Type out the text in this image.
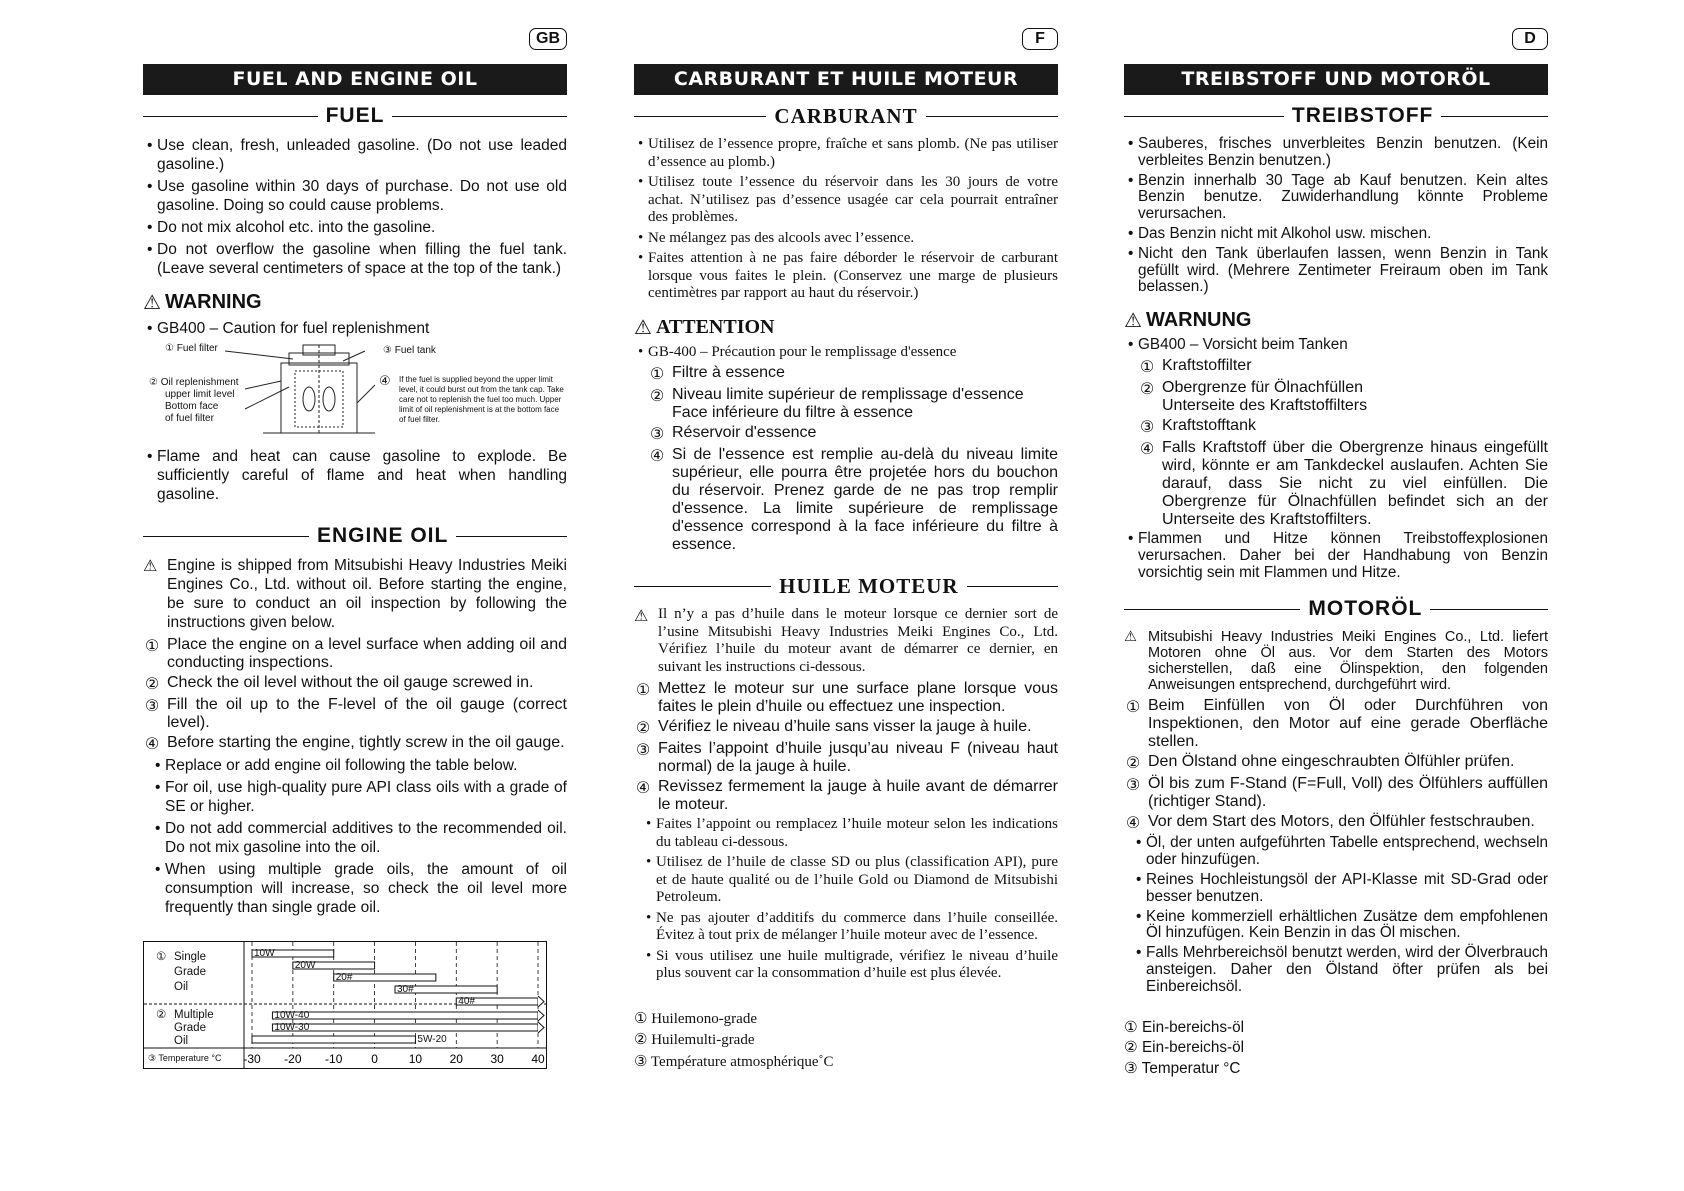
GB
FUEL AND ENGINE OIL
FUEL
• Use clean, fresh, unleaded gasoline. (Do not use leaded gasoline.)
• Use gasoline within 30 days of purchase. Do not use old gasoline. Doing so could cause problems.
• Do not mix alcohol etc. into the gasoline.
• Do not overflow the gasoline when filling the fuel tank. (Leave several centimeters of space at the top of the tank.)
⚠ WARNING
• GB400 – Caution for fuel replenishment
① Fuel filter	③ Fuel tank
② Oil replenishment
upper limit level
Bottom face
of fuel filter
④ If the fuel is supplied beyond the upper limit level, it could burst out from the tank cap. Take care not to replenish the fuel too much. Upper limit of oil replenishment is at the bottom face of fuel filter.
• Flame and heat can cause gasoline to explode. Be sufficiently careful of flame and heat when handling gasoline.
ENGINE OIL
⚠ Engine is shipped from Mitsubishi Heavy Industries Meiki Engines Co., Ltd. without oil. Before starting the engine, be sure to conduct an oil inspection by following the instructions given below.

① Place the engine on a level surface when adding oil and conducting inspections.
② Check the oil level without the oil gauge screwed in.
③ Fill the oil up to the F-level of the oil gauge (correct level).
④ Before starting the engine, tightly screw in the oil gauge.
• Replace or add engine oil following the table below.
• For oil, use high-quality pure API class oils with a grade of SE or higher.
• Do not add commercial additives to the recommended oil. Do not mix gasoline into the oil.
• When using multiple grade oils, the amount of oil consumption will increase, so check the oil level more frequently than single grade oil.
-30 -20 -10 0	10 20 30 40
10W
20W
20#
30#
40#
10W-40
10W-30
5W-20
① Single
Grade
Oil
② Multiple
Grade
Oil
③ Temperature °C
F
CARBURANT ET HUILE MOTEUR
CARBURANT
• Utilisez de l’essence propre, fraîche et sans plomb. (Ne pas utiliser d’essence au plomb.)
• Utilisez toute l’essence du réservoir dans les 30 jours de votre achat. N’utilisez pas d’essence usagée car cela pourrait entraîner des problèmes.
• Ne mélangez pas des alcools avec l’essence.
• Faites attention à ne pas faire déborder le réservoir de carburant lorsque vous faites le plein. (Conservez une marge de plusieurs centimètres par rapport au haut du réservoir.)
⚠ ATTENTION
• GB-400 – Précaution pour le remplissage d'essence
① Filtre à essence
② Niveau limite supérieur de remplissage d'essence
Face inférieure du filtre à essence
③ Réservoir d'essence
④ Si de l'essence est remplie au-delà du niveau limite supérieur, elle pourra être projetée hors du bouchon du réservoir. Prenez garde de ne pas trop remplir d'essence. La limite supérieure de remplissage d'essence correspond à la face inférieure du filtre à essence.
HUILE MOTEUR
⚠ Il n’y a pas d’huile dans le moteur lorsque ce dernier sort de l’usine Mitsubishi Heavy Industries Meiki Engines Co., Ltd. Vérifiez l’huile du moteur avant de démarrer ce dernier, en suivant les instructions ci-dessous.

① Mettez le moteur sur une surface plane lorsque vous faites le plein d’huile ou effectuez une inspection.
② Vérifiez le niveau d’huile sans visser la jauge à huile.
③ Faites l’appoint d’huile jusqu’au niveau F (niveau haut normal) de la jauge à huile.
④ Revissez fermement la jauge à huile avant de démarrer le moteur.
• Faites l’appoint ou remplacez l’huile moteur selon les indications du tableau ci-dessous.
• Utilisez de l’huile de classe SD ou plus (classification API), pure et de haute qualité ou de l’huile Gold ou Diamond de Mitsubishi Petroleum.
• Ne pas ajouter d’additifs du commerce dans l’huile conseillée. Évitez à tout prix de mélanger l’huile moteur avec de l’essence.
• Si vous utilisez une huile multigrade, vérifiez le niveau d’huile plus souvent car la consommation d’huile est plus élevée.

① Huilemono-grade

② Huilemulti-grade

③ Température atmosphérique˚C

D
TREIBSTOFF UND MOTORÖL
TREIBSTOFF
• Sauberes, frisches unverbleites Benzin benutzen. (Kein verbleites Benzin benutzen.)
• Benzin innerhalb 30 Tage ab Kauf benutzen. Kein altes Benzin benutze. Zuwiderhandlung könnte Probleme verursachen.
• Das Benzin nicht mit Alkohol usw. mischen.
• Nicht den Tank überlaufen lassen, wenn Benzin in Tank gefüllt wird. (Mehrere Zentimeter Freiraum oben im Tank belassen.)
⚠ WARNUNG
• GB400 – Vorsicht beim Tanken
① Kraftstoffilter
② Obergrenze für Ölnachfüllen
Unterseite des Kraftstoffilters
③ Kraftstofftank
④ Falls Kraftstoff über die Obergrenze hinaus eingefüllt wird, könnte er am Tankdeckel auslaufen. Achten Sie darauf, dass Sie nicht zu viel einfüllen. Die Obergrenze für Ölnachfüllen befindet sich an der Unterseite des Kraftstoffilters.
• Flammen und Hitze können Treibstoffexplosionen verursachen. Daher bei der Handhabung von Benzin vorsichtig sein mit Flammen und Hitze.
MOTORÖL
⚠ Mitsubishi Heavy Industries Meiki Engines Co., Ltd. liefert Motoren ohne Öl aus. Vor dem Starten des Motors sicherstellen, daß eine Ölinspektion, den folgenden Anweisungen entsprechend, durchgeführt wird.

① Beim Einfüllen von Öl oder Durchführen von Inspektionen, den Motor auf eine gerade Oberfläche stellen.
② Den Ölstand ohne eingeschraubten Ölfühler prüfen.
③ Öl bis zum F-Stand (F=Full, Voll) des Ölfühlers auffüllen (richtiger Stand).
④ Vor dem Start des Motors, den Ölfühler festschrauben.
• Öl, der unten aufgeführten Tabelle entsprechend, wechseln oder hinzufügen.
• Reines Hochleistungsöl der API-Klasse mit SD-Grad oder besser benutzen.
• Keine kommerziell erhältlichen Zusätze dem empfohlenen Öl hinzufügen. Kein Benzin in das Öl mischen.
• Falls Mehrbereichsöl benutzt werden, wird der Ölverbrauch ansteigen. Daher den Ölstand öfter prüfen als bei Einbereichsöl.

① Ein-bereichs-öl

② Ein-bereichs-öl

③ Temperatur °C
